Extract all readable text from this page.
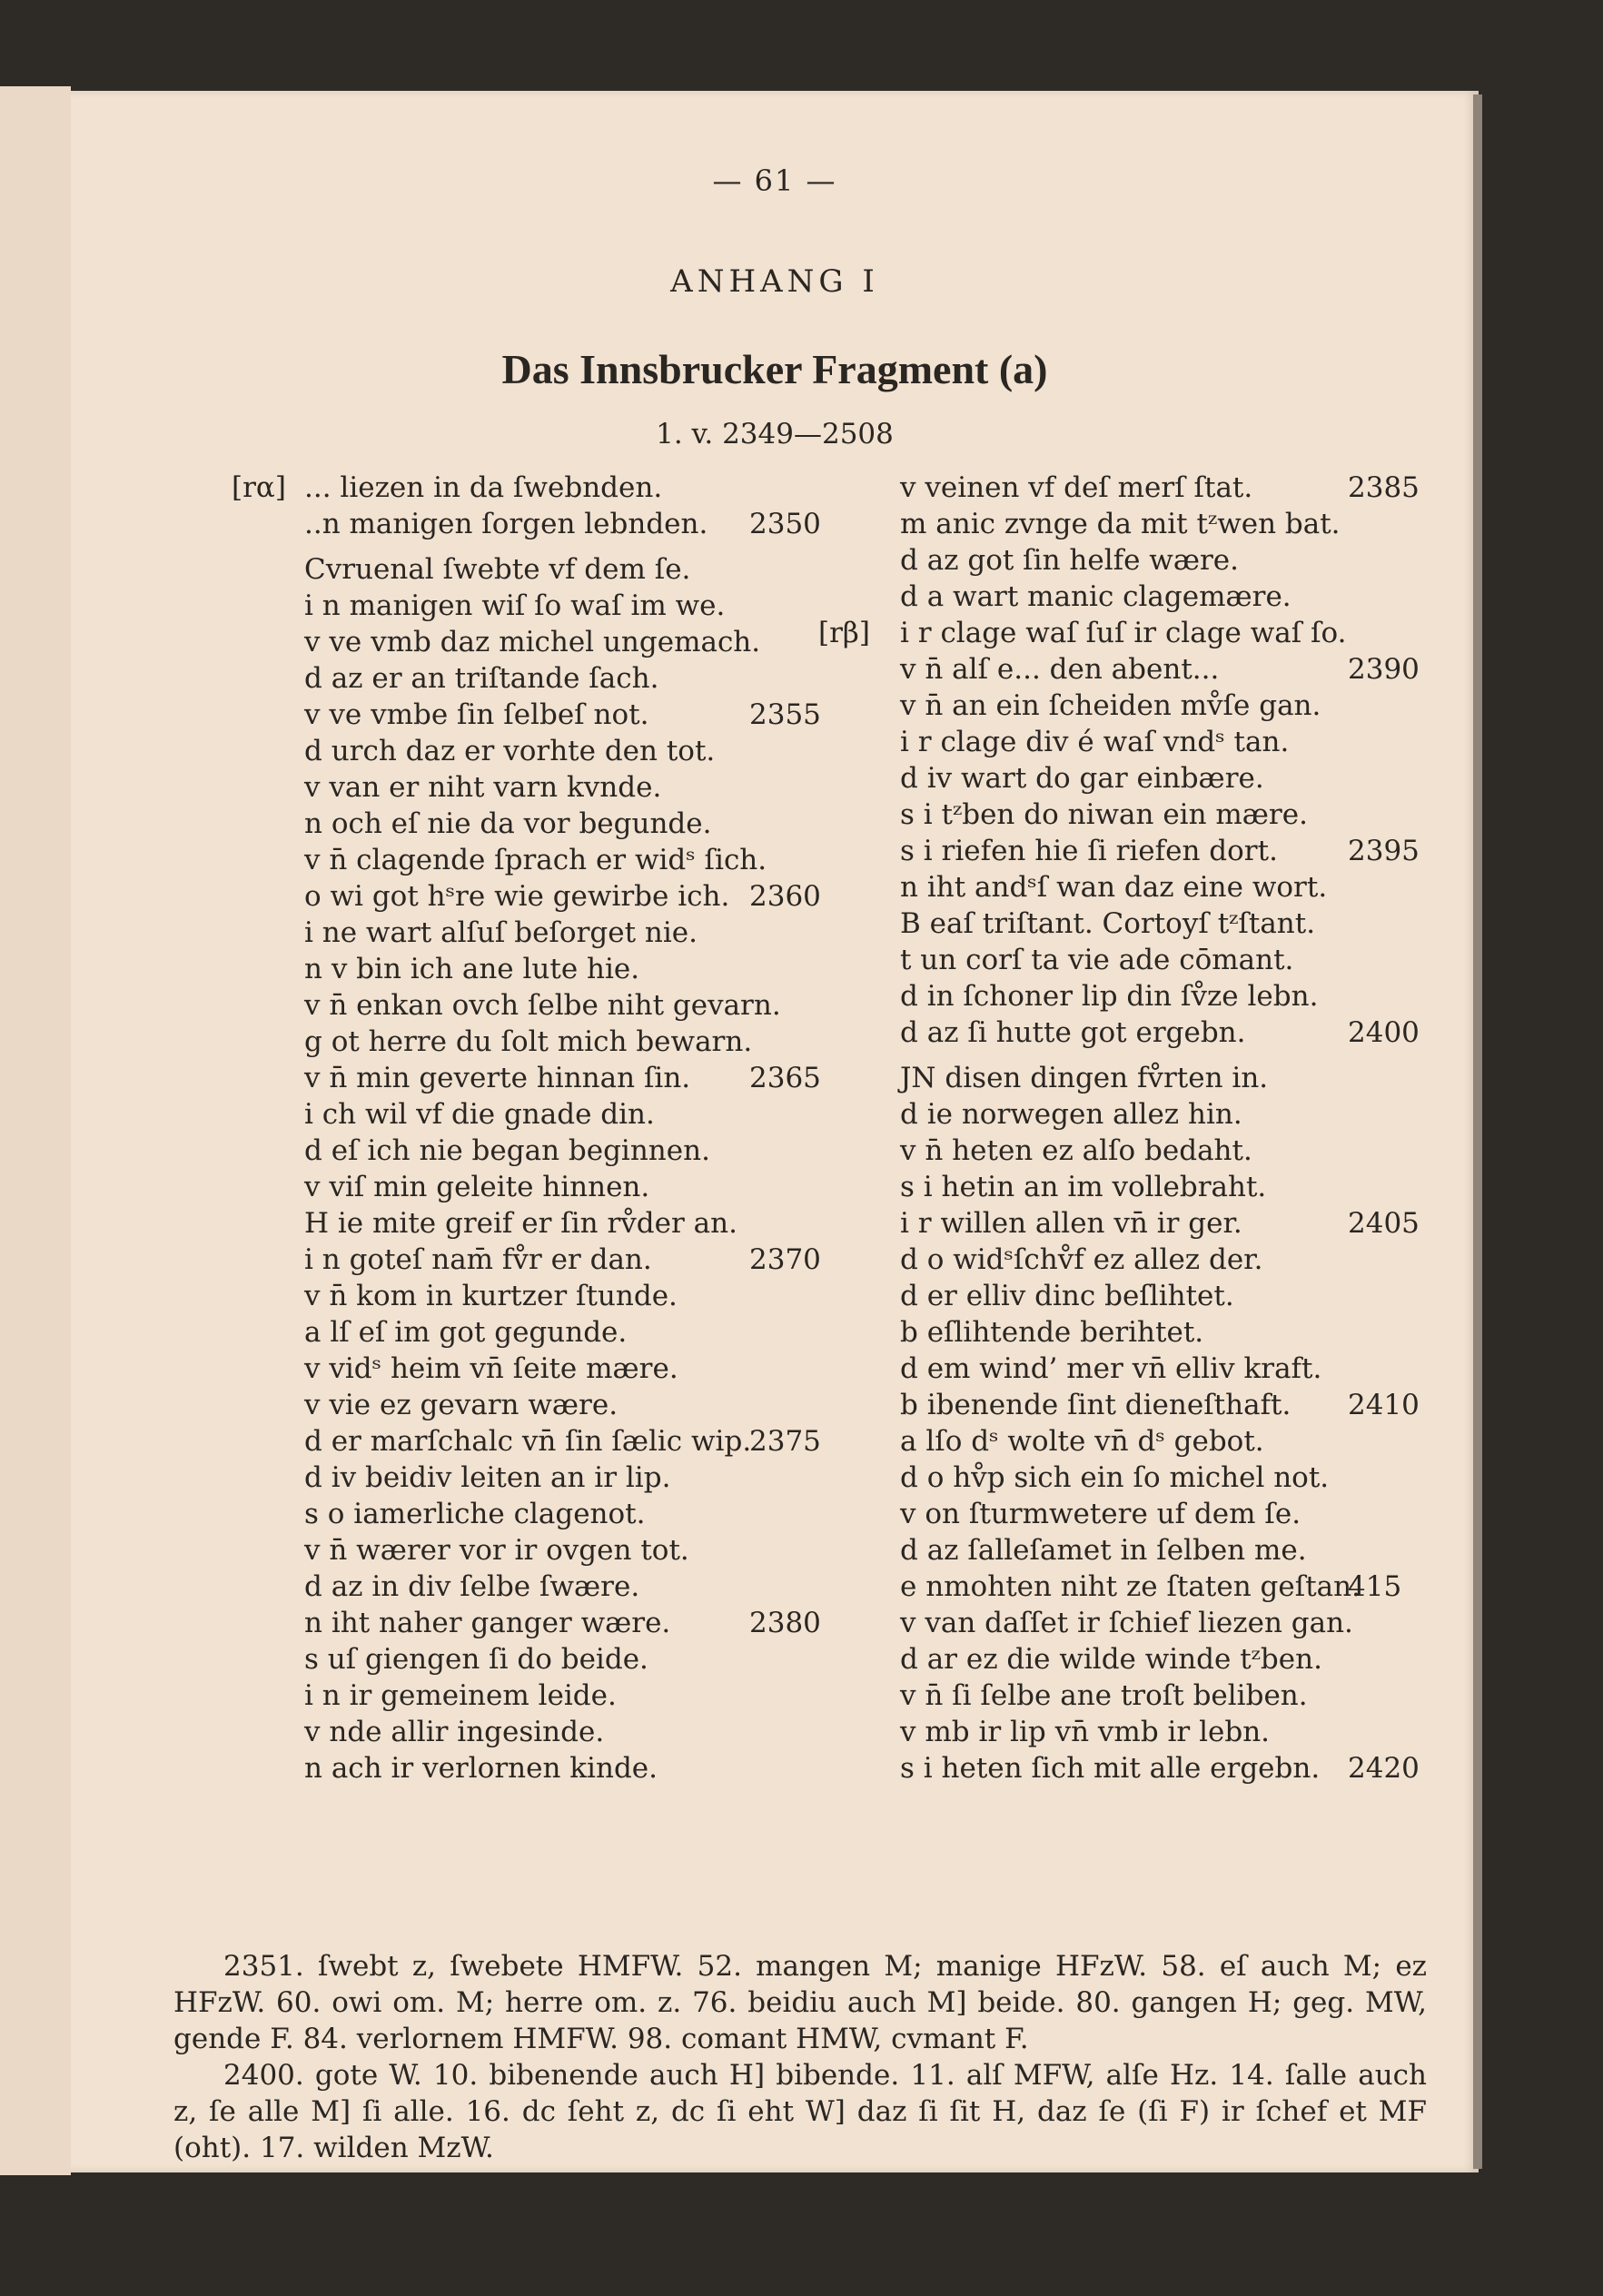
— 61 —
ANHANG I
Das Innsbrucker Fragment (a)
1. v. 2349—2508
[rα] ... liezen in da ſwebnden.
..n manigen ſorgen lebnden. 2350
Cvruenal ſwebte vf dem ſe.
i n manigen wiſ ſo waſ im we.
v ve vmb daz michel ungemach.
d az er an triſtande ſach.
v ve vmbe ſin ſelbeſ not.	2355
d urch daz er vorhte den tot.
v van er niht varn kvnde.
n och eſ nie da vor begunde.
v n̄ clagende ſprach er widˢ ſich.
o wi got hˢre wie gewirbe ich. 2360
i ne wart alſuſ beſorget nie.
n v bin ich ane lute hie.
v n̄ enkan ovch ſelbe niht gevarn.
g ot herre du ſolt mich bewarn.
v n̄ min geverte hinnan ſin. 2365
i ch wil vf die gnade din.
d eſ ich nie began beginnen.
v viſ min geleite hinnen.
H ie mite greif er ſin rv̊der an.
i n goteſ nam̄ fv̊r er dan.	2370
v n̄ kom in kurtzer ſtunde.
a lſ eſ im got gegunde.
v vidˢ heim vn̄ ſeite mære.
v vie ez gevarn wære.
d er marſchalc vn̄ ſin ſælic wip.
2375
d iv beidiv leiten an ir lip.
s o iamerliche clagenot.
v n̄ wærer vor ir ovgen tot.
d az in div ſelbe ſwære.
n iht naher ganger wære.	2380
s uſ giengen ſi do beide.
i n ir gemeinem leide.
v nde allir ingesinde.
n ach ir verlornen kinde.
v veinen vf deſ merſ ſtat.	2385
m anic zvnge da mit tᶻwen bat.
d az got ſin helfe wære.
d a wart manic clagemære.
[rβ] i r clage waſ ſuſ ir clage waſ ſo.
v n̄ alſ e... den abent...	2390
v n̄ an ein ſcheiden mv̊ſe gan.
i r clage div é waſ vndˢ tan.
d iv wart do gar einbære.
s i tᶻben do niwan ein mære.
s i riefen hie ſi riefen dort. 2395
n iht andˢſ wan daz eine wort.
B eaſ triſtant. Cortoyſ tᶻſtant.
t un corſ ta vie ade cōmant.
d in ſchoner lip din ſv̊ze lebn.
d az ſi hutte got ergebn.	2400
JN disen dingen fv̊rten in.
d ie norwegen allez hin.
v n̄ heten ez alſo bedaht.
s i hetin an im vollebraht.
i r willen allen vn̄ ir ger.	2405
d o widˢſchv̊f ez allez der.
d er elliv dinc beſlihtet.
b eſlihtende berihtet.
d em wind’ mer vn̄ elliv kraft.
b ibenende ſint dieneſthaft. 2410
a lſo dˢ wolte vn̄ dˢ gebot.
d o hv̊p sich ein ſo michel not.
v on ſturmwetere uf dem ſe.
d az ſalleſamet in ſelben me.
e nmohten niht ze ſtaten geſtan.
415
v van daſſet ir ſchief liezen gan.
d ar ez die wilde winde tᶻben.
v n̄ ſi ſelbe ane troſt beliben.
v mb ir lip vn̄ vmb ir lebn.
s i heten ſich mit alle ergebn. 2420

2351. ſwebt z, ſwebete HMFW. 52. mangen M; manige HFzW. 58. eſ auch M; ez HFzW. 60. owi om. M; herre om. z. 76. beidiu auch M] beide. 80. gangen H; geg. MW, gende F. 84. verlornem HMFW. 98. comant HMW, cvmant F.

2400. gote W. 10. bibenende auch H] bibende. 11. alſ MFW, alſe Hz. 14. ſalle auch z, ſe alle M] ſi alle. 16. dc ſeht z, dc ſi eht W] daz ſi ſit H, daz ſe (ſi F) ir ſchef et MF (oht). 17. wilden MzW.
